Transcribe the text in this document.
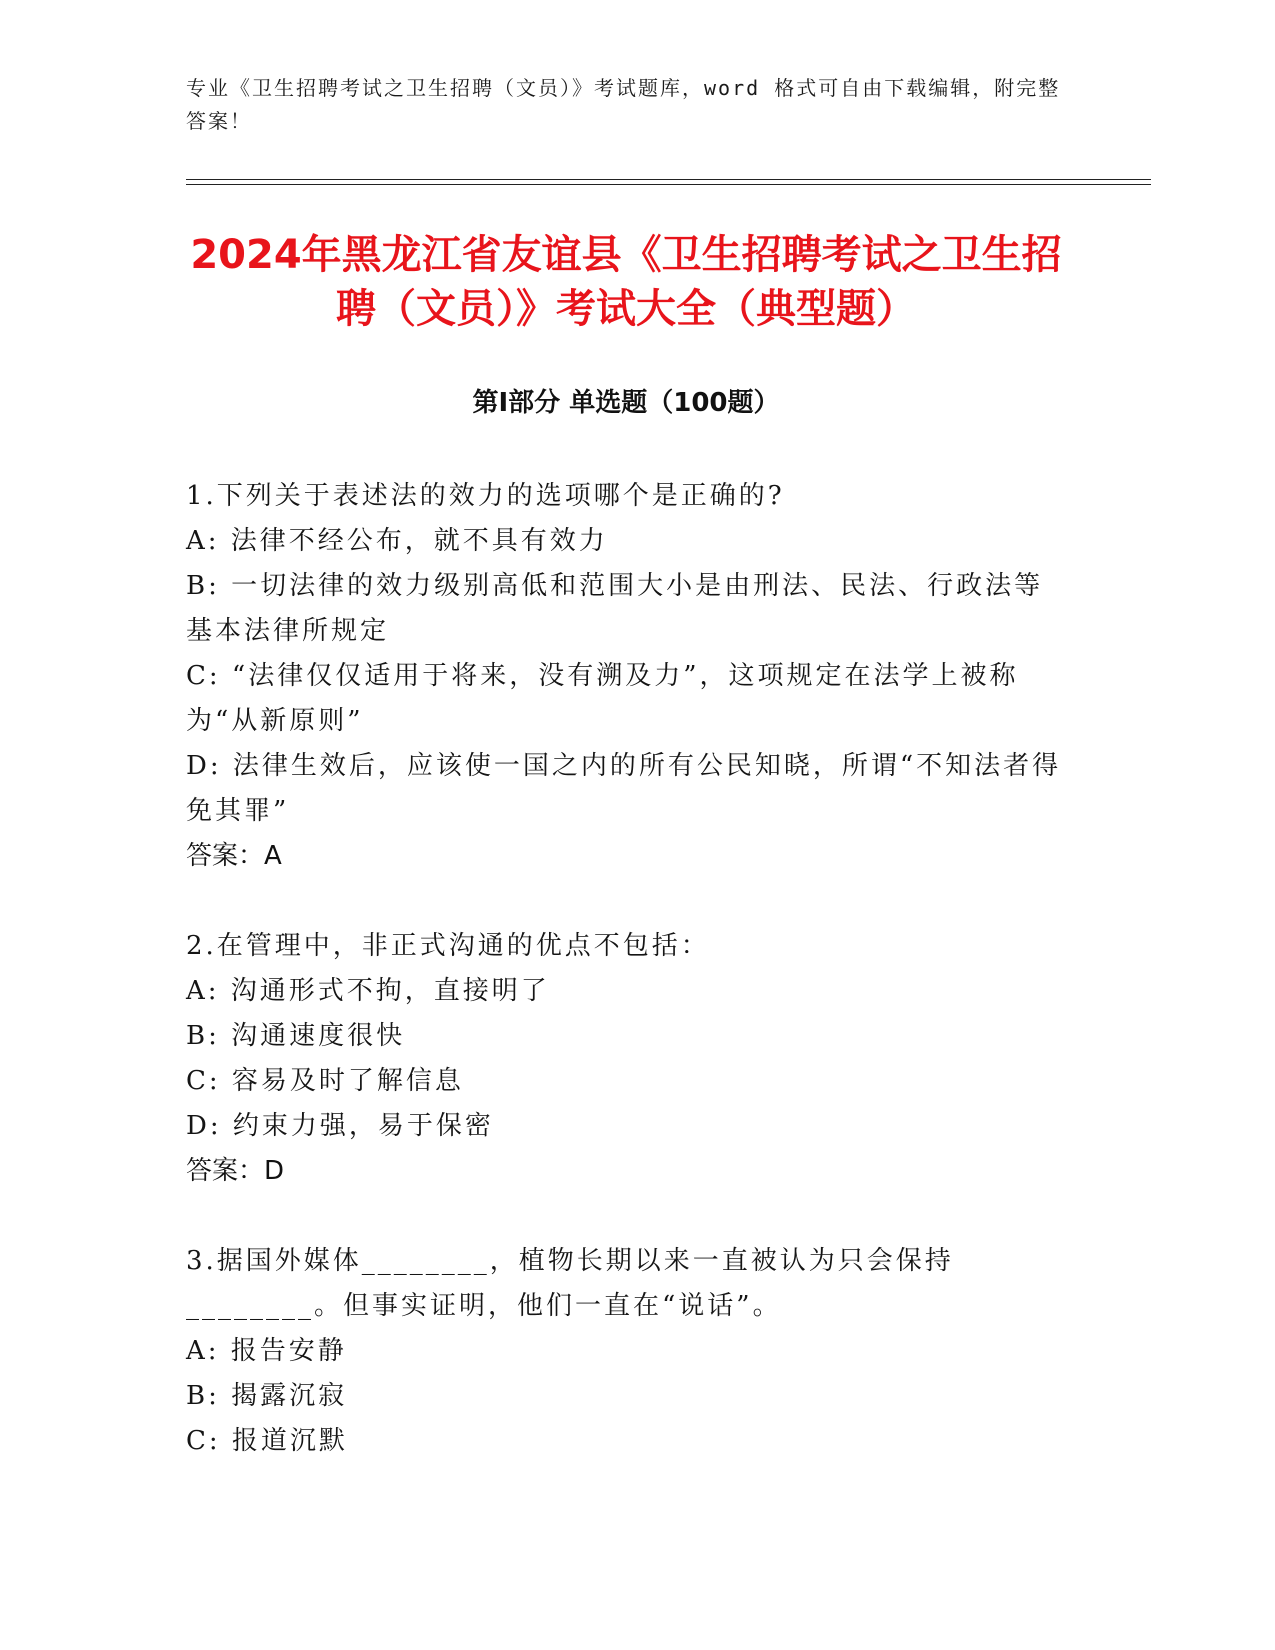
专业《卫生招聘考试之卫生招聘（文员）》考试题库，word 格式可自由下载编辑，附完整答案！

2024年黑龙江省友谊县《卫生招聘考试之卫生招聘（文员）》考试大全（典型题）
第Ⅰ部分 单选题（100题）

1.下列关于表述法的效力的选项哪个是正确的?

A: 法律不经公布，就不具有效力

B: 一切法律的效力级别高低和范围大小是由刑法、民法、行政法等基本法律所规定

C: “法律仅仅适用于将来，没有溯及力”，这项规定在法学上被称为“从新原则”

D: 法律生效后，应该使一国之内的所有公民知晓，所谓“不知法者得免其罪”

答案：A

2.在管理中，非正式沟通的优点不包括：

A: 沟通形式不拘，直接明了

B: 沟通速度很快

C: 容易及时了解信息

D: 约束力强，易于保密

答案：D

3.据国外媒体________，植物长期以来一直被认为只会保持________。但事实证明，他们一直在“说话”。

A: 报告安静

B: 揭露沉寂

C: 报道沉默
